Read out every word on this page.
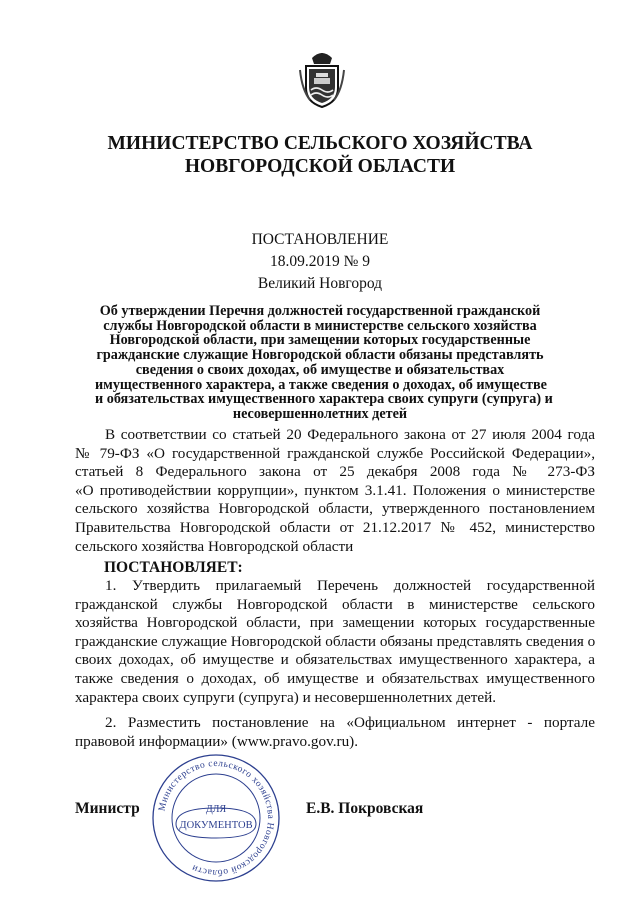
МИНИСТЕРСТВО СЕЛЬСКОГО ХОЗЯЙСТВА
НОВГОРОДСКОЙ ОБЛАСТИ
ПОСТАНОВЛЕНИЕ
18.09.2019 № 9
Великий Новгород
Об утверждении Перечня должностей государственной гражданской
службы Новгородской области в министерстве сельского хозяйства
Новгородской области, при замещении которых государственные
гражданские служащие Новгородской области обязаны представлять
сведения о своих доходах, об имуществе и обязательствах
имущественного характера, а также сведения о доходах, об имуществе
и обязательствах имущественного характера своих супруги (супруга) и
несовершеннолетних детей
В соответствии со статьей 20 Федерального закона от 27 июля 2004 года
№ 79-ФЗ «О государственной гражданской службе Российской Федерации»,
статьей 8 Федерального закона от 25 декабря 2008 года № 273-ФЗ
«О противодействии коррупции», пунктом 3.1.41. Положения о министерстве
сельского хозяйства Новгородской области, утвержденного постановлением
Правительства Новгородской области от 21.12.2017 № 452, министерство
сельского хозяйства Новгородской области
ПОСТАНОВЛЯЕТ:
1. Утвердить прилагаемый Перечень должностей государственной
гражданской службы Новгородской области в министерстве сельского
хозяйства Новгородской области, при замещении которых государственные
гражданские служащие Новгородской области обязаны представлять сведения о
своих доходах, об имуществе и обязательствах имущественного характера, а
также сведения о доходах, об имуществе и обязательствах имущественного
характера своих супруги (супруга) и несовершеннолетних детей.
2. Разместить постановление на «Официальном интернет - портале
правовой информации» (www.pravo.gov.ru).
Министр	Е.В. Покровская
Министерство сельского хозяйства Новгородской области
ДЛЯ
ДОКУМЕНТОВ
